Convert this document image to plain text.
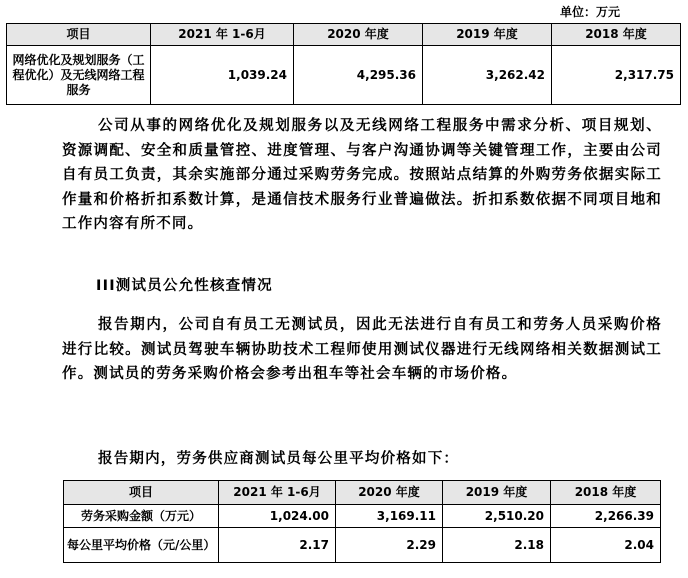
单位：万元
项目	2021 年 1-6月	2020 年度	2019 年度	2018 年度
网络优化及规划服务（工程优化）及无线网络工程服务	1,039.24	4,295.36	3,262.42	2,317.75
公司从事的网络优化及规划服务以及无线网络工程服务中需求分析、项目规划、资源调配、安全和质量管控、进度管理、与客户沟通协调等关键管理工作，主要由公司自有员工负责，其余实施部分通过采购劳务完成。按照站点结算的外购劳务依据实际工作量和价格折扣系数计算，是通信技术服务行业普遍做法。折扣系数依据不同项目地和工作内容有所不同。
III测试员公允性核查情况
报告期内，公司自有员工无测试员，因此无法进行自有员工和劳务人员采购价格进行比较。测试员驾驶车辆协助技术工程师使用测试仪器进行无线网络相关数据测试工作。测试员的劳务采购价格会参考出租车等社会车辆的市场价格。
报告期内，劳务供应商测试员每公里平均价格如下：
项目	2021 年 1-6月	2020 年度	2019 年度	2018 年度
劳务采购金额（万元）	1,024.00	3,169.11	2,510.20	2,266.39
每公里平均价格（元/公里）	2.17	2.29	2.18	2.04
